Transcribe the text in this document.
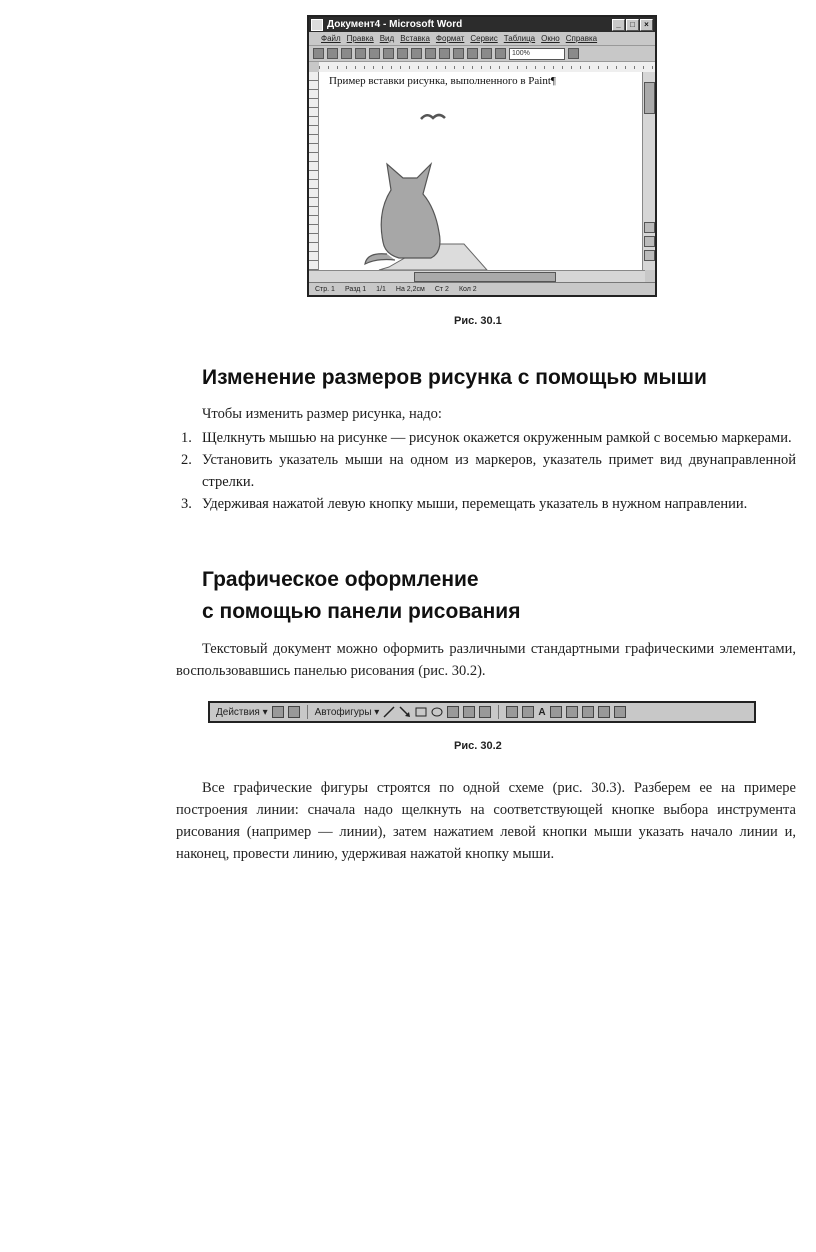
Документ4 - Microsoft Word	_	□	×
Файл Правка Вид Вставка Формат Сервис Таблица Окно Справка
100%
Пример вставки рисунка, выполненного в Paint¶
Стр. 1 Разд 1 1/1 На 2,2см Ст 2 Кол 2
Рис. 30.1
Изменение размеров рисунка с помощью мыши
Чтобы изменить размер рисунка, надо:
1. Щелкнуть мышью на рисунке — рисунок окажется окруженным рамкой с восемью маркерами.
2. Установить указатель мыши на одном из маркеров, указатель примет вид двунаправленной стрелки.
3. Удерживая нажатой левую кнопку мыши, перемещать указатель в нужном направлении.
Графическое оформление
с помощью панели рисования
Текстовый документ можно оформить различными стандартными графическими элементами, воспользовавшись панелью рисования (рис. 30.2).
Действия ▾	Автофигуры ▾	A
Рис. 30.2
Все графические фигуры строятся по одной схеме (рис. 30.3). Разберем ее на примере построения линии: сначала надо щелкнуть на соответствующей кнопке выбора инструмента рисования (например — линии), затем нажатием левой кнопки мыши указать начало линии и, наконец, провести линию, удерживая нажатой кнопку мыши.
